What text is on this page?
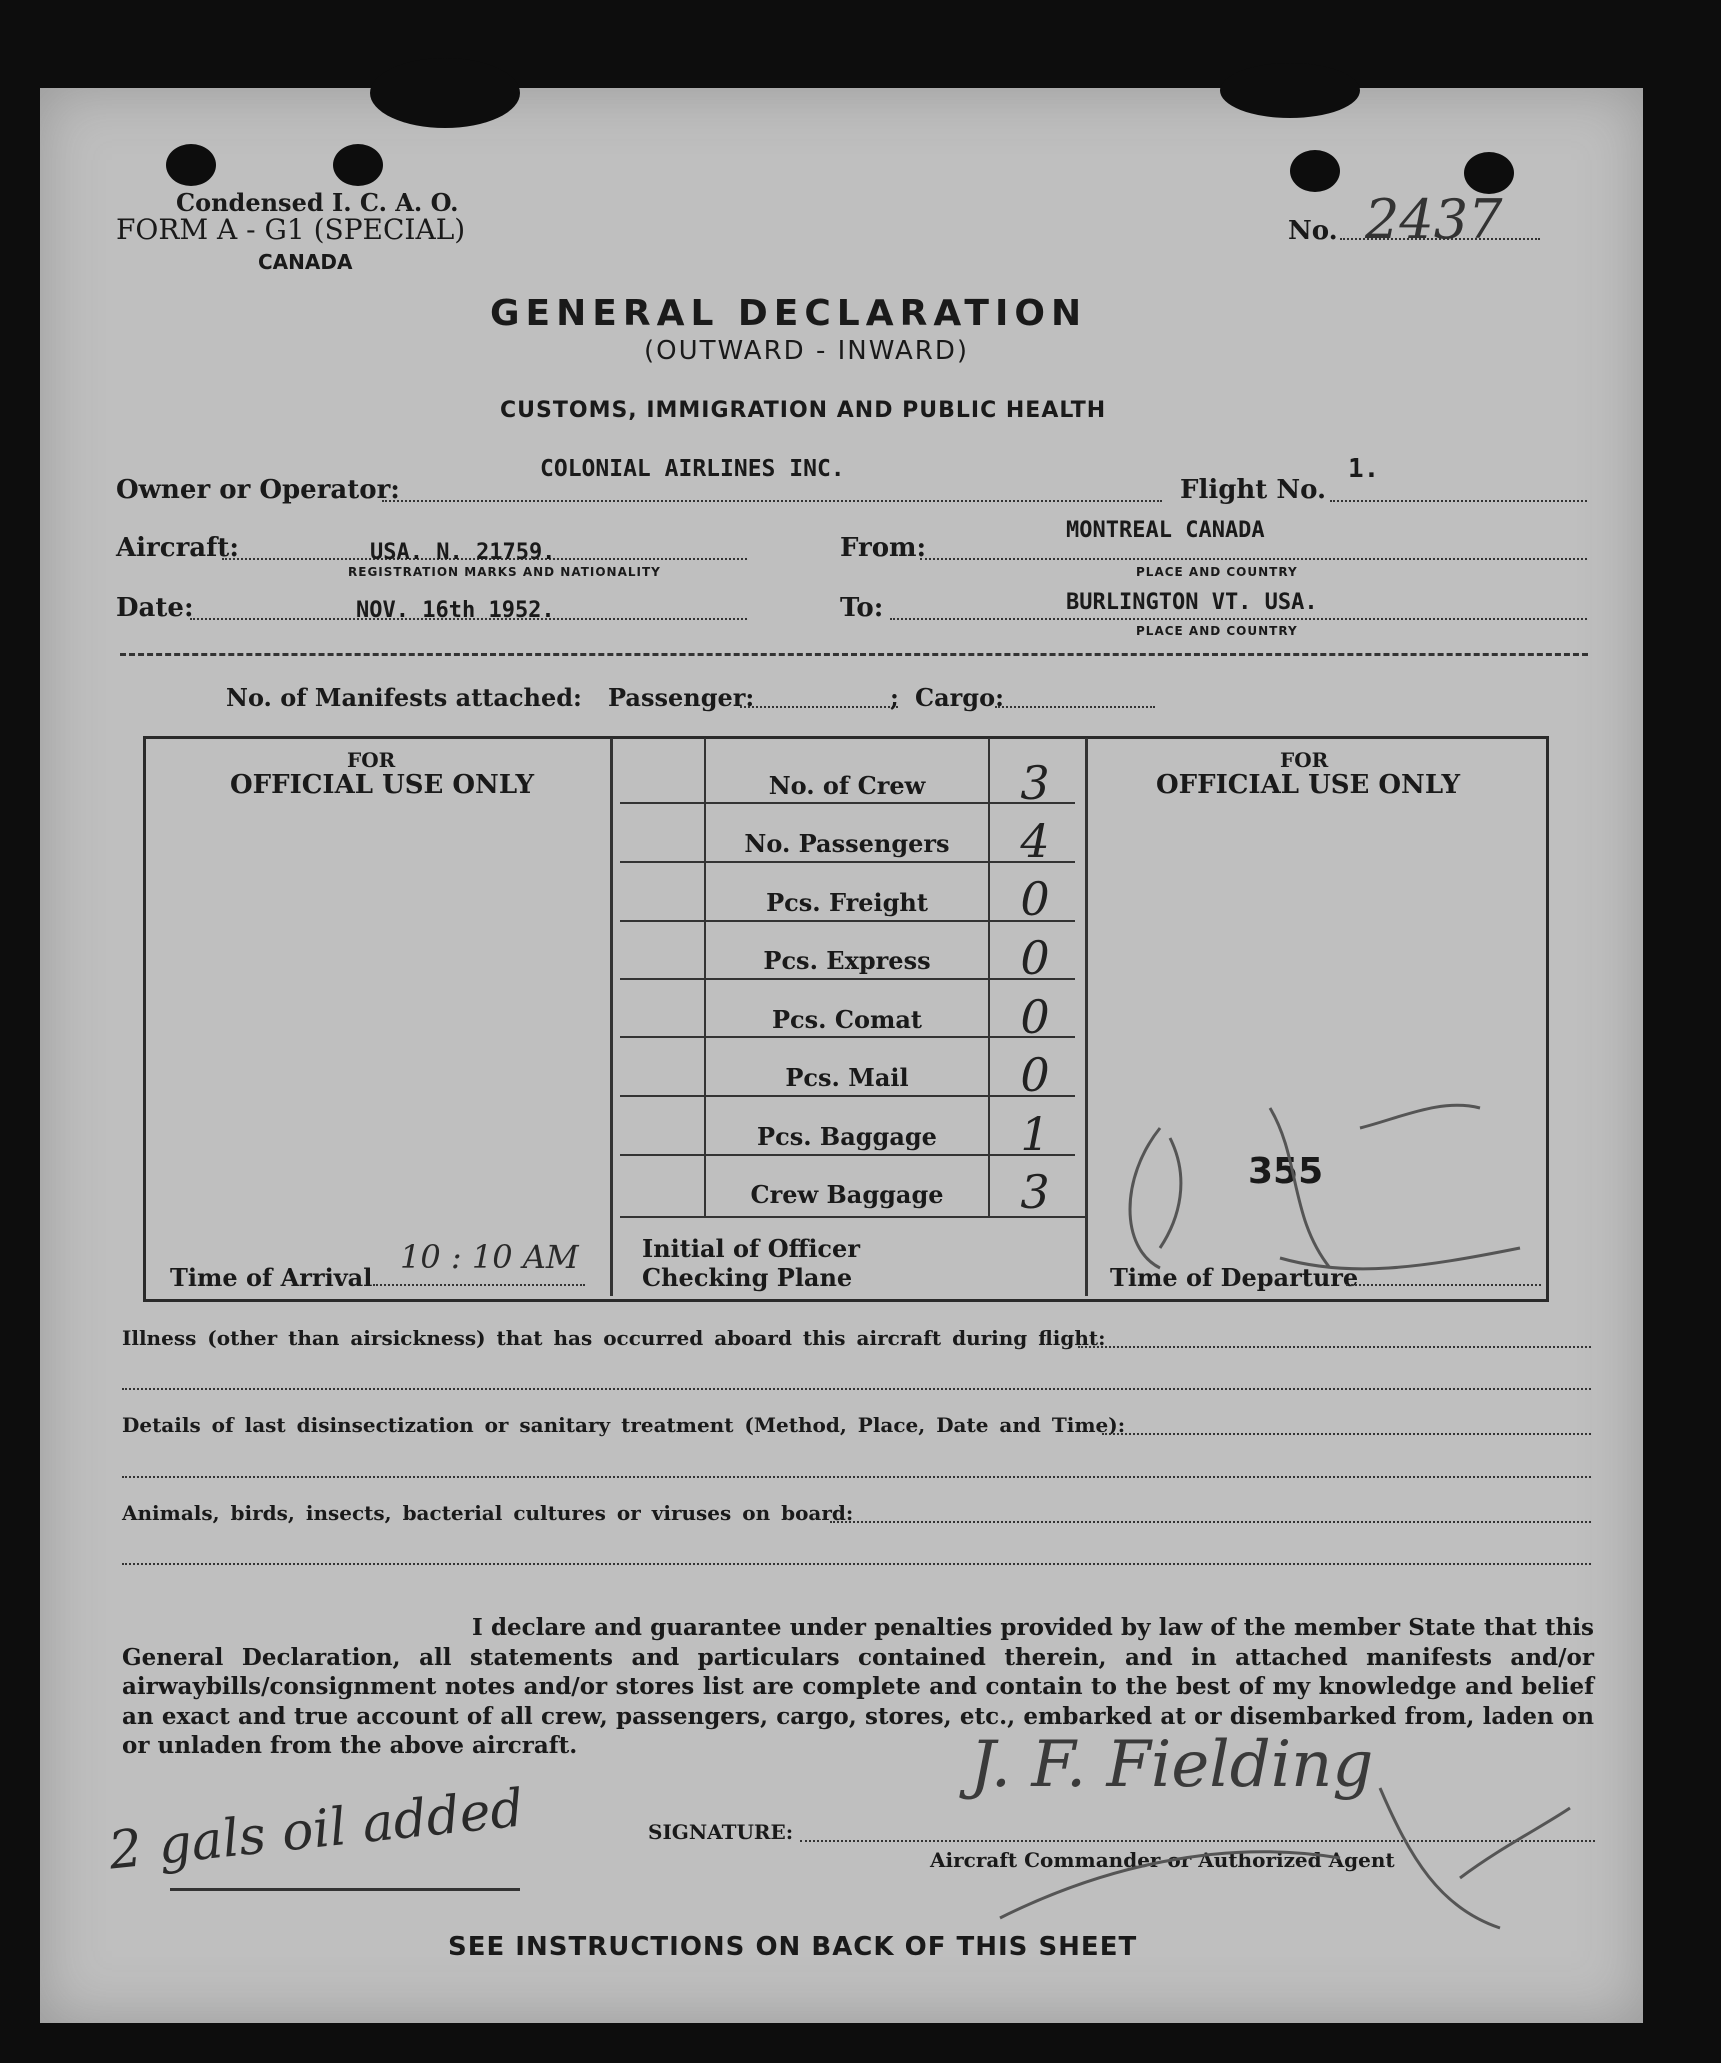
Condensed I. C. A. O.
FORM A - G1 (SPECIAL)
CANADA
No. 2437
GENERAL DECLARATION
(OUTWARD - INWARD)
CUSTOMS, IMMIGRATION AND PUBLIC HEALTH
Owner or Operator:
COLONIAL AIRLINES INC.
Flight No.
1.
Aircraft:	USA. N. 21759.
REGISTRATION MARKS AND NATIONALITY
From:
MONTREAL CANADA
PLACE AND COUNTRY
Date:	NOV. 16th 1952.	To:	BURLINGTON VT. USA.
PLACE AND COUNTRY
No. of Manifests attached: Passenger:	; Cargo:
FOR
OFFICIAL USE ONLY
Time of Arrival
10 : 10 AM
FOR
OFFICIAL USE ONLY
355
Time of Departure
No. of Crew	3
No. Passengers	4
Pcs. Freight	0
Pcs. Express	0
Pcs. Comat	0
Pcs. Mail	0
Pcs. Baggage	1
Crew Baggage	3
Initial of Officer
Checking Plane
Illness (other than airsickness) that has occurred aboard this aircraft during flight:
Details of last disinsectization or sanitary treatment (Method, Place, Date and Time):
Animals, birds, insects, bacterial cultures or viruses on board:
I declare and guarantee under penalties provided by law of the member State that this General Declaration, all statements and particulars contained therein, and in attached manifests and/or airwaybills/consignment notes and/or stores list are complete and contain to the best of my knowledge and belief an exact and true account of all crew, passengers, cargo, stores, etc., embarked at or disembarked from, laden on or unladen from the above aircraft.
2 gals oil added	SIGNATURE:
J. F. Fielding
Aircraft Commander or Authorized Agent
SEE INSTRUCTIONS ON BACK OF THIS SHEET
